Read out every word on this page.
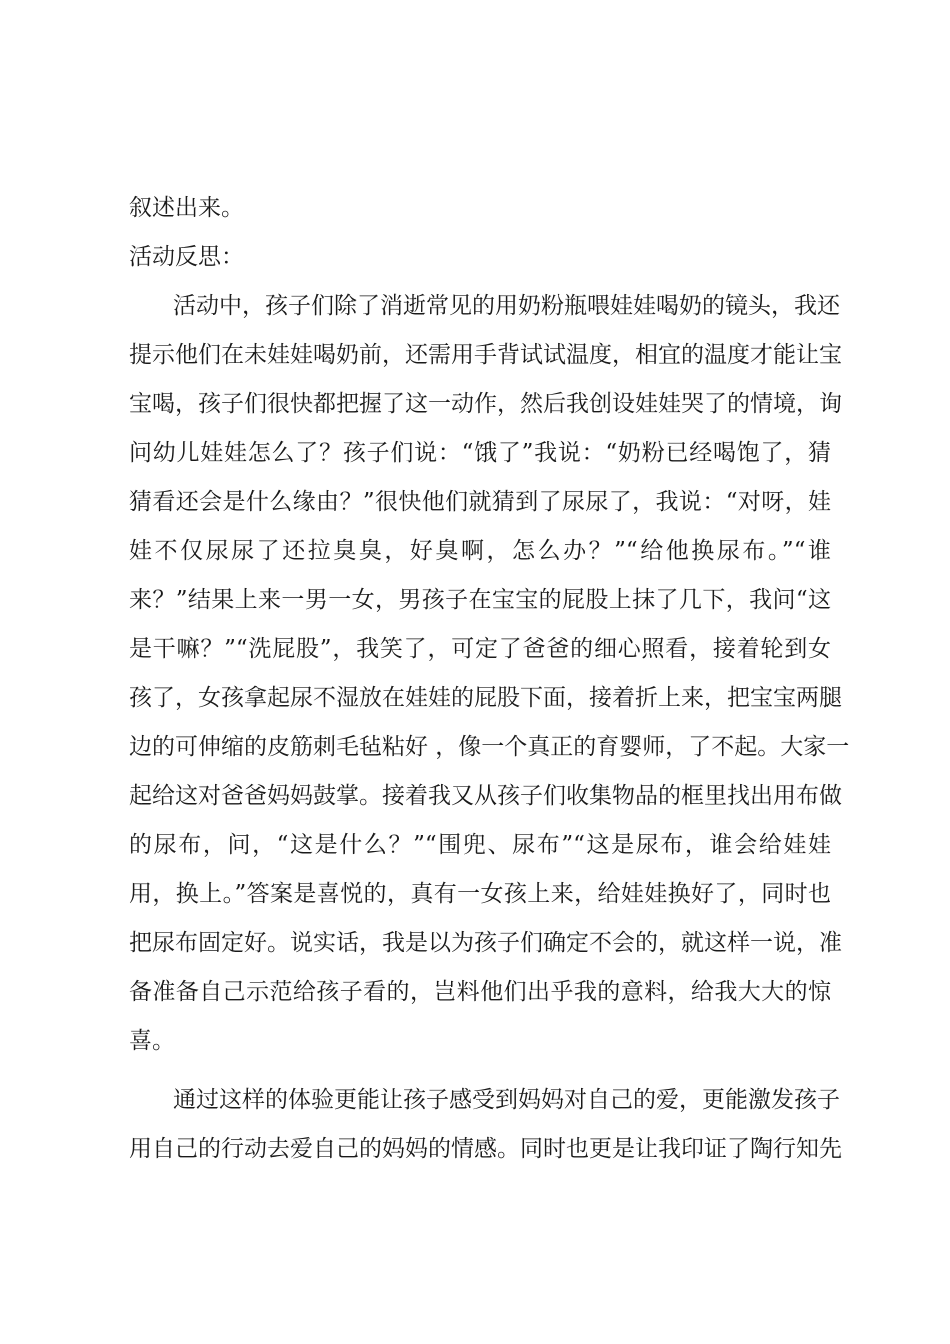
叙述出来。
活动反思：
活动中，孩子们除了消逝常见的用奶粉瓶喂娃娃喝奶的镜头，我还
提示他们在未娃娃喝奶前，还需用手背试试温度，相宜的温度才能让宝
宝喝，孩子们很快都把握了这一动作，然后我创设娃娃哭了的情境，询
问幼儿娃娃怎么了？孩子们说：“饿了”我说：“奶粉已经喝饱了，猜
猜看还会是什么缘由？”很快他们就猜到了尿尿了，我说：“对呀，娃
娃不仅尿尿了还拉臭臭，好臭啊，怎么办？”“给他换尿布。”“谁
来？”结果上来一男一女，男孩子在宝宝的屁股上抹了几下，我问“这
是干嘛？”“洗屁股”，我笑了，可定了爸爸的细心照看，接着轮到女
孩了，女孩拿起尿不湿放在娃娃的屁股下面，接着折上来，把宝宝两腿
边的可伸缩的皮筋刺毛毡粘好 ，像一个真正的育婴师，了不起。大家一
起给这对爸爸妈妈鼓掌。接着我又从孩子们收集物品的框里找出用布做
的尿布，问，“这是什么？”“围兜、尿布”“这是尿布，谁会给娃娃
用，换上。”答案是喜悦的，真有一女孩上来，给娃娃换好了，同时也
把尿布固定好。说实话，我是以为孩子们确定不会的，就这样一说，准
备准备自己示范给孩子看的，岂料他们出乎我的意料，给我大大的惊
喜。
通过这样的体验更能让孩子感受到妈妈对自己的爱，更能激发孩子
用自己的行动去爱自己的妈妈的情感。同时也更是让我印证了陶行知先
